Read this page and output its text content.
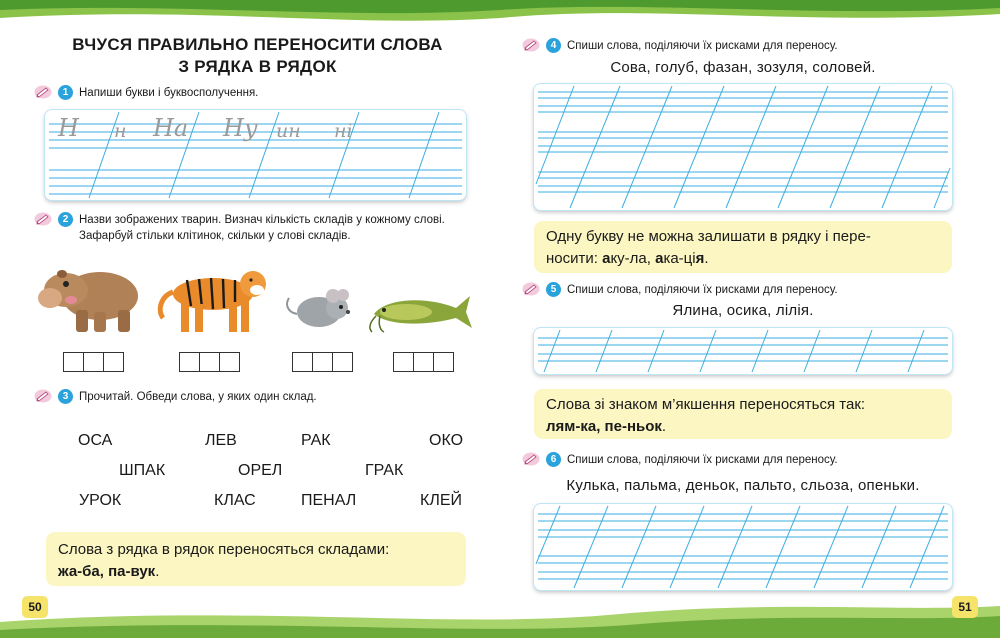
ВЧУСЯ ПРАВИЛЬНО ПЕРЕНОСИТИ СЛОВА
З РЯДКА В РЯДОК
1 Напиши букви і буквосполучення.
Н н На Ну ин ні
2 Назви зображених тварин. Визнач кількість складів у кожному слові.
Зафарбуй стільки клітинок, скільки у слові складів.
3 Прочитай. Обведи слова, у яких один склад.
ОСА	ЛЕВ	РАК	ОКО
ШПАК	ОРЕЛ	ГРАК
УРОК	КЛАС	ПЕНАЛ	КЛЕЙ
Слова з рядка в рядок переносяться складами:
жа-ба, па-вук.
50
4 Спиши слова, поділяючи їх рисками для переносу.
Сова, голуб, фазан, зозуля, соловей.
Одну букву не можна залишати в рядку і пере-
носити: аку-ла, ака-ція.
5 Спиши слова, поділяючи їх рисками для переносу.
Ялина, осика, лілія.
Слова зі знаком м’якшення переносяться так:
лям-ка, пе-ньок.
6 Спиши слова, поділяючи їх рисками для переносу.
Кулька, пальма, деньок, пальто, сльоза, опеньки.
51
